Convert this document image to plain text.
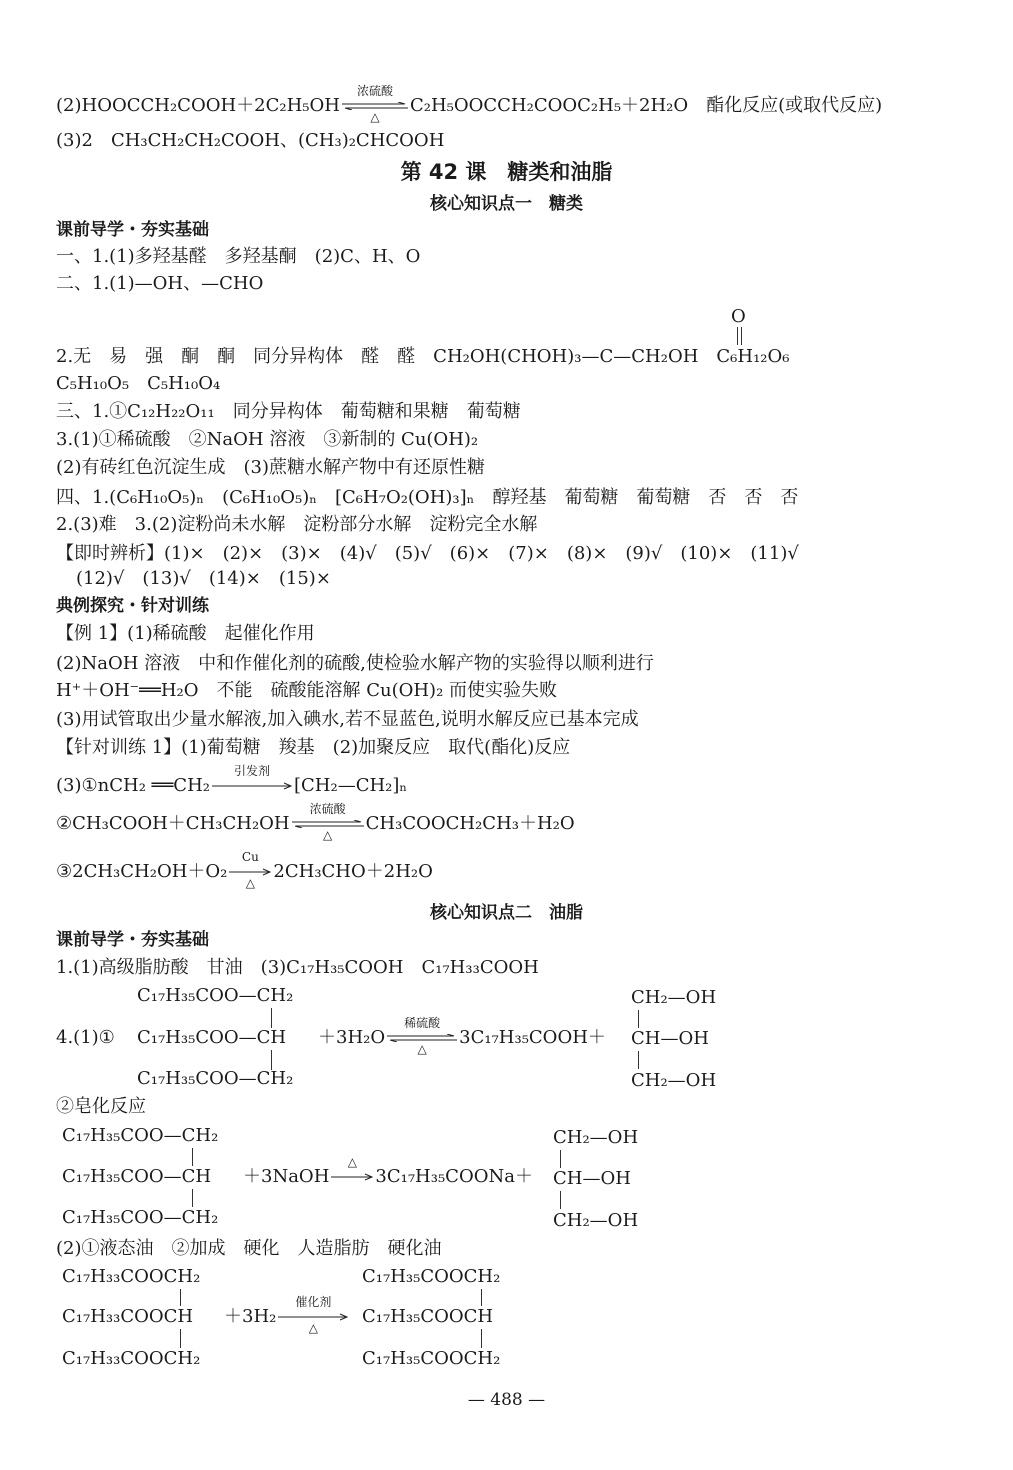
(2)HOOCCH₂COOH＋2C₂H₅OH
浓硫酸
△
C₂H₅OOCCH₂COOC₂H₅＋2H₂O　酯化反应(或取代反应)
(3)2　CH₃CH₂CH₂COOH、(CH₃)₂CHCOOH
第 42 课　糖类和油脂
核心知识点一　糖类
课前导学・夯实基础
一、1.(1)多羟基醛　多羟基酮　(2)C、H、O
二、1.(1)—OH、—CHO
O
2.无　易　强　酮　酮　同分异构体　醛　醛　CH₂OH(CHOH)₃—C—CH₂OH　C₆H₁₂O₆
C₅H₁₀O₅　C₅H₁₀O₄
三、1.①C₁₂H₂₂O₁₁　同分异构体　葡萄糖和果糖　葡萄糖
3.(1)①稀硫酸　②NaOH 溶液　③新制的 Cu(OH)₂
(2)有砖红色沉淀生成　(3)蔗糖水解产物中有还原性糖
四、1.(C₆H₁₀O₅)ₙ　(C₆H₁₀O₅)ₙ　[C₆H₇O₂(OH)₃]ₙ　醇羟基　葡萄糖　葡萄糖　否　否　否
2.(3)难　3.(2)淀粉尚未水解　淀粉部分水解　淀粉完全水解
【即时辨析】(1)×　(2)×　(3)×　(4)√　(5)√　(6)×　(7)×　(8)×　(9)√　(10)×　(11)√
(12)√　(13)√　(14)×　(15)×
典例探究・针对训练
【例 1】(1)稀硫酸　起催化作用
(2)NaOH 溶液　中和作催化剂的硫酸,使检验水解产物的实验得以顺利进行
H⁺＋OH⁻══H₂O　不能　硫酸能溶解 Cu(OH)₂ 而使实验失败
(3)用试管取出少量水解液,加入碘水,若不显蓝色,说明水解反应已基本完成
【针对训练 1】(1)葡萄糖　羧基　(2)加聚反应　取代(酯化)反应
(3)①nCH₂ ══CH₂
引发剂
[CH₂—CH₂]ₙ
②CH₃COOH＋CH₃CH₂OH
浓硫酸
△
CH₃COOCH₂CH₃＋H₂O
③2CH₃CH₂OH＋O₂
Cu
△
2CH₃CHO＋2H₂O
核心知识点二　油脂
课前导学・夯实基础
1.(1)高级脂肪酸　甘油　(3)C₁₇H₃₅COOH　C₁₇H₃₃COOH
C₁₇H₃₅COO—CH₂
4.(1)① C₁₇H₃₅COO—CH
C₁₇H₃₅COO—CH₂
＋3H₂O
稀硫酸
△
3C₁₇H₃₅COOH＋
CH₂—OH
CH—OH
CH₂—OH
②皂化反应
C₁₇H₃₅COO—CH₂
C₁₇H₃₅COO—CH
C₁₇H₃₅COO—CH₂
＋3NaOH
△
3C₁₇H₃₅COONa＋
CH₂—OH
CH—OH
CH₂—OH
(2)①液态油　②加成　硬化　人造脂肪　硬化油
C₁₇H₃₃COOCH₂
C₁₇H₃₃COOCH
C₁₇H₃₃COOCH₂
＋3H₂
催化剂
△
C₁₇H₃₅COOCH₂
C₁₇H₃₅COOCH
C₁₇H₃₅COOCH₂
— 488 —
